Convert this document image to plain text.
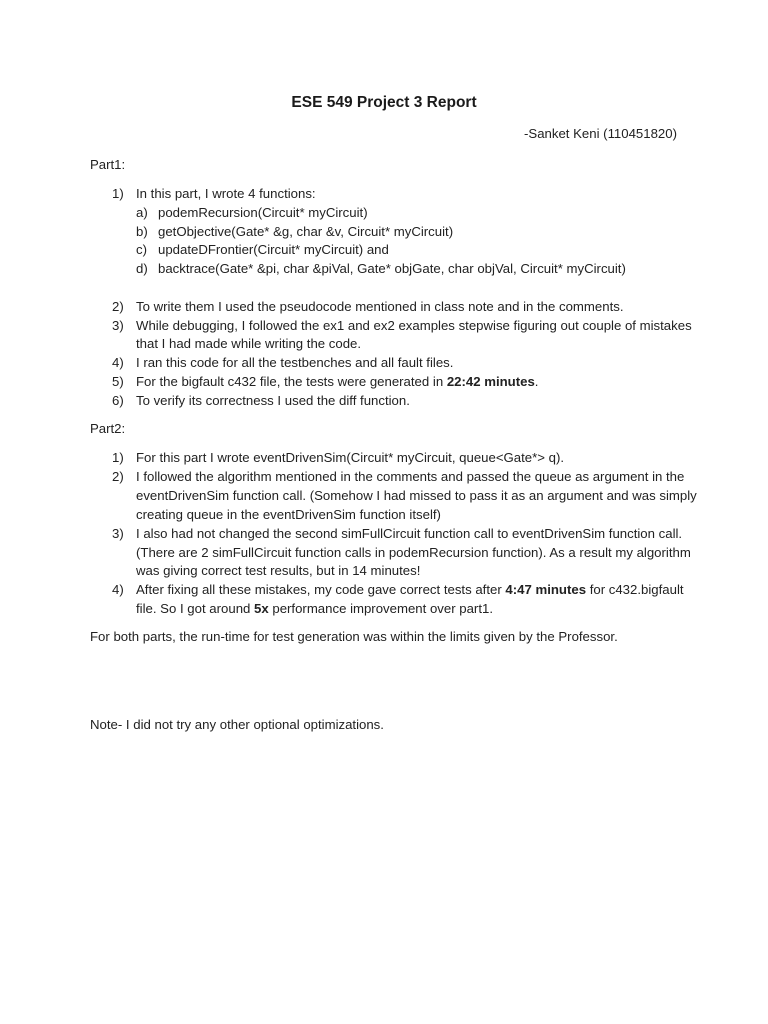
ESE 549 Project 3 Report
-Sanket Keni (110451820)
Part1:
1) In this part, I wrote 4 functions:
a) podemRecursion(Circuit* myCircuit)
b) getObjective(Gate* &g, char &v, Circuit* myCircuit)
c) updateDFrontier(Circuit* myCircuit) and
d) backtrace(Gate* &pi, char &piVal, Gate* objGate, char objVal, Circuit* myCircuit)
2) To write them I used the pseudocode mentioned in class note and in the comments.
3) While debugging, I followed the ex1 and ex2 examples stepwise figuring out couple of mistakes
that I had made while writing the code.
4) I ran this code for all the testbenches and all fault files.
5) For the bigfault c432 file, the tests were generated in 22:42 minutes.
6) To verify its correctness I used the diff function.
Part2:
1) For this part I wrote eventDrivenSim(Circuit* myCircuit, queue<Gate*> q).
2) I followed the algorithm mentioned in the comments and passed the queue as argument in the
eventDrivenSim function call. (Somehow I had missed to pass it as an argument and was simply
creating queue in the eventDrivenSim function itself)
3) I also had not changed the second simFullCircuit function call to eventDrivenSim function call.
(There are 2 simFullCircuit function calls in podemRecursion function). As a result my algorithm
was giving correct test results, but in 14 minutes!
4) After fixing all these mistakes, my code gave correct tests after 4:47 minutes for c432.bigfault
file. So I got around 5x performance improvement over part1.
For both parts, the run-time for test generation was within the limits given by the Professor.
Note- I did not try any other optional optimizations.
